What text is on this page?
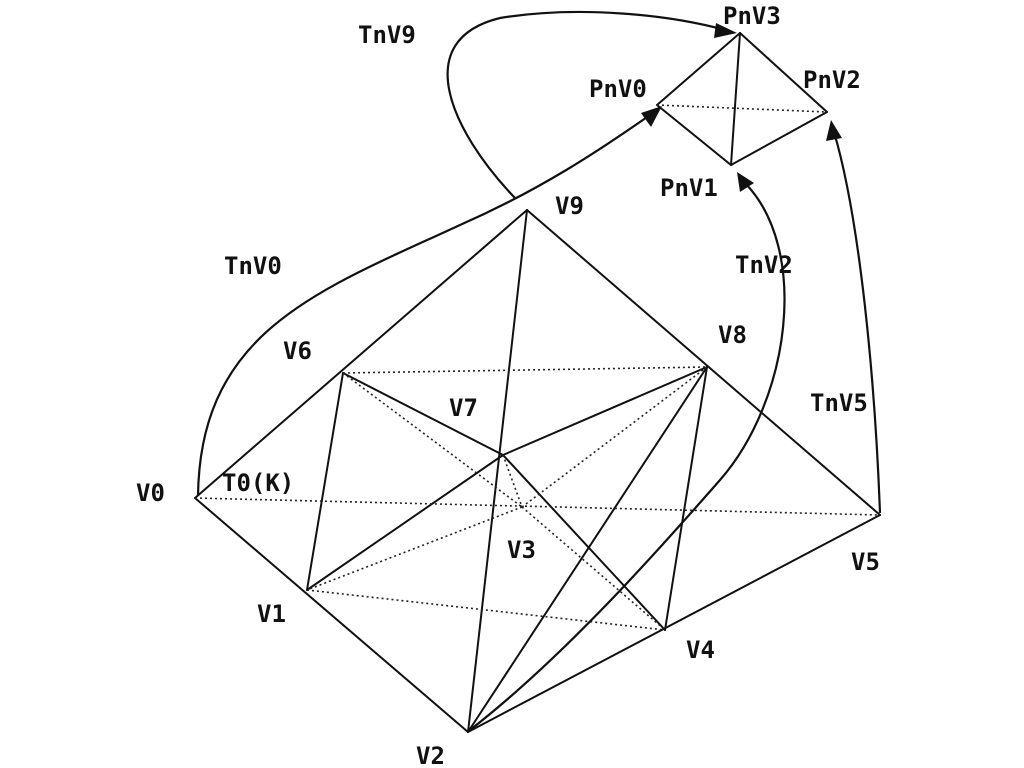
V0
V1
V2
V3
V4
V5
V6
V7
V8
V9
T0(K)
PnV0
PnV1
PnV2
PnV3
TnV0	TnV2
TnV5
TnV9
